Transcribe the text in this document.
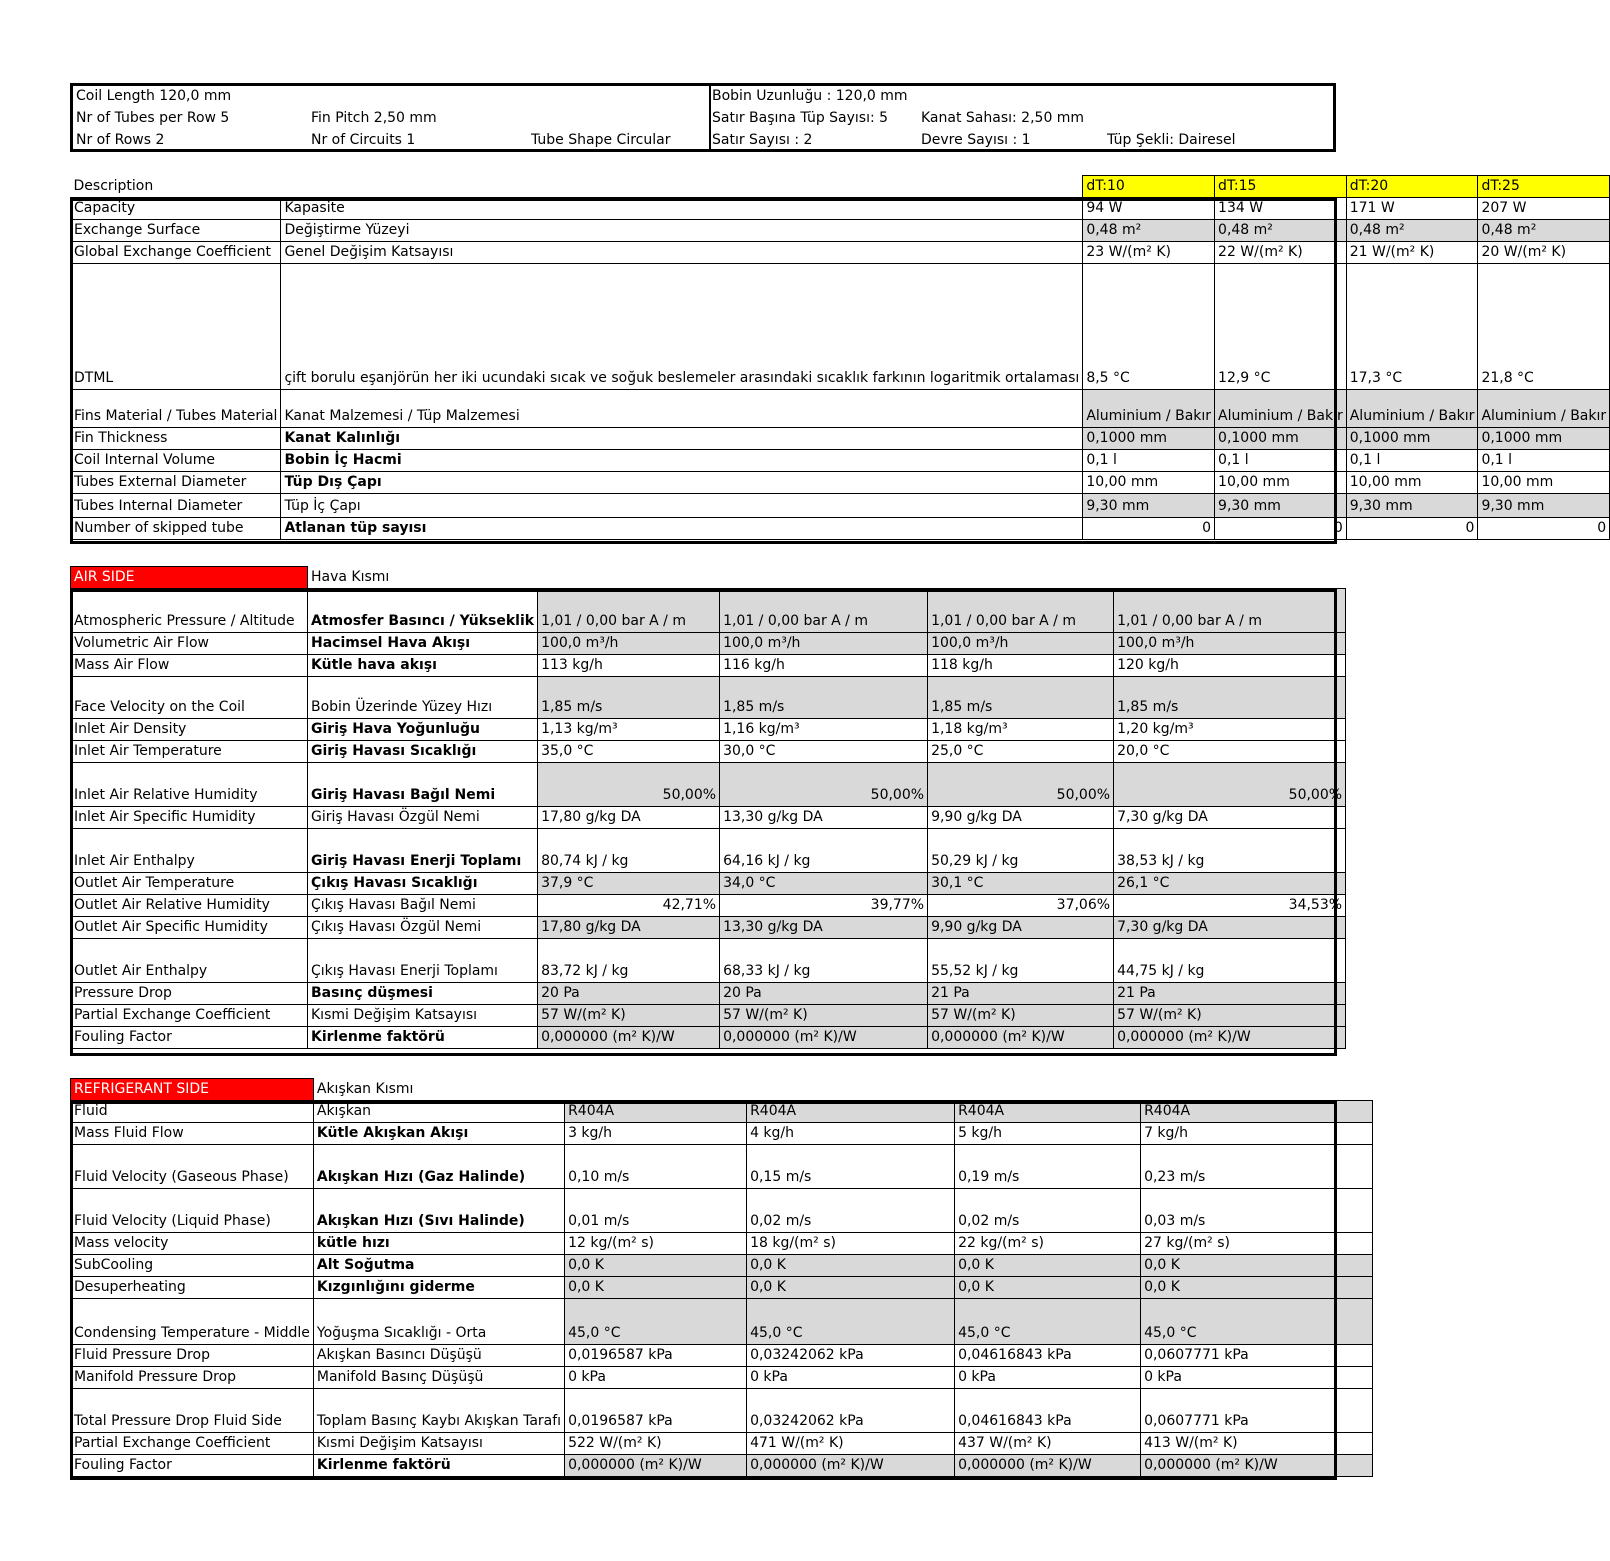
Coil Length 120,0 mm
Nr of Tubes per Row 5
Nr of Rows 2
Fin Pitch 2,50 mm
Nr of Circuits 1	Tube Shape Circular
Bobin Uzunluğu : 120,0 mm
Satır Başına Tüp Sayısı: 5
Satır Sayısı : 2
Kanat Sahası: 2,50 mm
Devre Sayısı : 1	Tüp Şekli: Dairesel
Description		dT:10	dT:15	dT:20	dT:25
Capacity	Kapasite	94 W	134 W	171 W	207 W
Exchange Surface	Değiştirme Yüzeyi	0,48 m²	0,48 m²	0,48 m²	0,48 m²
Global Exchange Coefficient	Genel Değişim Katsayısı	23 W/(m² K)	22 W/(m² K)	21 W/(m² K)	20 W/(m² K)
DTML	çift borulu eşanjörün her iki ucundaki sıcak ve soğuk beslemeler arasındaki sıcaklık farkının logaritmik ortalaması	8,5 °C	12,9 °C	17,3 °C	21,8 °C
Fins Material / Tubes Material	Kanat Malzemesi / Tüp Malzemesi	Aluminium / Bakır	Aluminium / Bakır	Aluminium / Bakır	Aluminium / Bakır
Fin Thickness	Kanat Kalınlığı	0,1000 mm	0,1000 mm	0,1000 mm	0,1000 mm
Coil Internal Volume	Bobin İç Hacmi	0,1 l	0,1 l	0,1 l	0,1 l
Tubes External Diameter	Tüp Dış Çapı	10,00 mm	10,00 mm	10,00 mm	10,00 mm
Tubes Internal Diameter	Tüp İç Çapı	9,30 mm	9,30 mm	9,30 mm	9,30 mm
Number of skipped tube	Atlanan tüp sayısı	0	0	0	0
AIR SIDE	Hava Kısmı				
Atmospheric Pressure / Altitude	Atmosfer Basıncı / Yükseklik	1,01 / 0,00 bar A / m	1,01 / 0,00 bar A / m	1,01 / 0,00 bar A / m	1,01 / 0,00 bar A / m
Volumetric Air Flow	Hacimsel Hava Akışı	100,0 m³/h	100,0 m³/h	100,0 m³/h	100,0 m³/h
Mass Air Flow	Kütle hava akışı	113 kg/h	116 kg/h	118 kg/h	120 kg/h
Face Velocity on the Coil	Bobin Üzerinde Yüzey Hızı	1,85 m/s	1,85 m/s	1,85 m/s	1,85 m/s
Inlet Air Density	Giriş Hava Yoğunluğu	1,13 kg/m³	1,16 kg/m³	1,18 kg/m³	1,20 kg/m³
Inlet Air Temperature	Giriş Havası Sıcaklığı	35,0 °C	30,0 °C	25,0 °C	20,0 °C
Inlet Air Relative Humidity	Giriş Havası Bağıl Nemi	50,00%	50,00%	50,00%	50,00%
Inlet Air Specific Humidity	Giriş Havası Özgül Nemi	17,80 g/kg DA	13,30 g/kg DA	9,90 g/kg DA	7,30 g/kg DA
Inlet Air Enthalpy	Giriş Havası Enerji Toplamı	80,74 kJ / kg	64,16 kJ / kg	50,29 kJ / kg	38,53 kJ / kg
Outlet Air Temperature	Çıkış Havası Sıcaklığı	37,9 °C	34,0 °C	30,1 °C	26,1 °C
Outlet Air Relative Humidity	Çıkış Havası Bağıl Nemi	42,71%	39,77%	37,06%	34,53%
Outlet Air Specific Humidity	Çıkış Havası Özgül Nemi	17,80 g/kg DA	13,30 g/kg DA	9,90 g/kg DA	7,30 g/kg DA
Outlet Air Enthalpy	Çıkış Havası Enerji Toplamı	83,72 kJ / kg	68,33 kJ / kg	55,52 kJ / kg	44,75 kJ / kg
Pressure Drop	Basınç düşmesi	20 Pa	20 Pa	21 Pa	21 Pa
Partial Exchange Coefficient	Kısmi Değişim Katsayısı	57 W/(m² K)	57 W/(m² K)	57 W/(m² K)	57 W/(m² K)
Fouling Factor	Kirlenme faktörü	0,000000 (m² K)/W	0,000000 (m² K)/W	0,000000 (m² K)/W	0,000000 (m² K)/W
REFRIGERANT SIDE	Akışkan Kısmı				
Fluid	Akışkan	R404A	R404A	R404A	R404A
Mass Fluid Flow	Kütle Akışkan Akışı	3 kg/h	4 kg/h	5 kg/h	7 kg/h
Fluid Velocity (Gaseous Phase)	Akışkan Hızı (Gaz Halinde)	0,10 m/s	0,15 m/s	0,19 m/s	0,23 m/s
Fluid Velocity (Liquid Phase)	Akışkan Hızı (Sıvı Halinde)	0,01 m/s	0,02 m/s	0,02 m/s	0,03 m/s
Mass velocity	kütle hızı	12 kg/(m² s)	18 kg/(m² s)	22 kg/(m² s)	27 kg/(m² s)
SubCooling	Alt Soğutma	0,0 K	0,0 K	0,0 K	0,0 K
Desuperheating	Kızgınlığını giderme	0,0 K	0,0 K	0,0 K	0,0 K
Condensing Temperature - Middle	Yoğuşma Sıcaklığı - Orta	45,0 °C	45,0 °C	45,0 °C	45,0 °C
Fluid Pressure Drop	Akışkan Basıncı Düşüşü	0,0196587 kPa	0,03242062 kPa	0,04616843 kPa	0,0607771 kPa
Manifold Pressure Drop	Manifold Basınç Düşüşü	0 kPa	0 kPa	0 kPa	0 kPa
Total Pressure Drop Fluid Side	Toplam Basınç Kaybı Akışkan Tarafı	0,0196587 kPa	0,03242062 kPa	0,04616843 kPa	0,0607771 kPa
Partial Exchange Coefficient	Kısmi Değişim Katsayısı	522 W/(m² K)	471 W/(m² K)	437 W/(m² K)	413 W/(m² K)
Fouling Factor	Kirlenme faktörü	0,000000 (m² K)/W	0,000000 (m² K)/W	0,000000 (m² K)/W	0,000000 (m² K)/W
